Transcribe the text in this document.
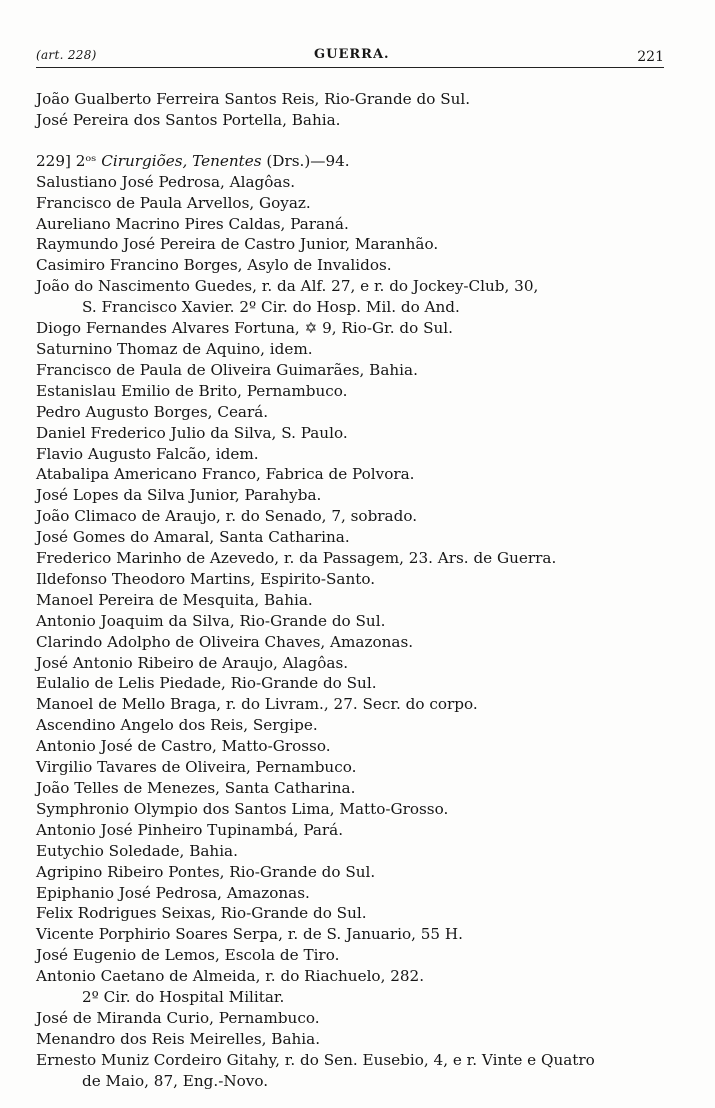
(art. 228)	GUERRA.	221
João Gualberto Ferreira Santos Reis, Rio-Grande do Sul.
José Pereira dos Santos Portella, Bahia.
229] 2ᵒˢ Cirurgiões, Tenentes (Drs.)—94.
Salustiano José Pedrosa, Alagôas.
Francisco de Paula Arvellos, Goyaz.
Aureliano Macrino Pires Caldas, Paraná.
Raymundo José Pereira de Castro Junior, Maranhão.
Casimiro Francino Borges, Asylo de Invalidos.
João do Nascimento Guedes, r. da Alf. 27, e r. do Jockey-Club, 30,
S. Francisco Xavier. 2º Cir. do Hosp. Mil. do And.
Diogo Fernandes Alvares Fortuna, ✡ 9, Rio-Gr. do Sul.
Saturnino Thomaz de Aquino, idem.
Francisco de Paula de Oliveira Guimarães, Bahia.
Estanislau Emilio de Brito, Pernambuco.
Pedro Augusto Borges, Ceará.
Daniel Frederico Julio da Silva, S. Paulo.
Flavio Augusto Falcão, idem.
Atabalipa Americano Franco, Fabrica de Polvora.
José Lopes da Silva Junior, Parahyba.
João Climaco de Araujo, r. do Senado, 7, sobrado.
José Gomes do Amaral, Santa Catharina.
Frederico Marinho de Azevedo, r. da Passagem, 23. Ars. de Guerra.
Ildefonso Theodoro Martins, Espirito-Santo.
Manoel Pereira de Mesquita, Bahia.
Antonio Joaquim da Silva, Rio-Grande do Sul.
Clarindo Adolpho de Oliveira Chaves, Amazonas.
José Antonio Ribeiro de Araujo, Alagôas.
Eulalio de Lelis Piedade, Rio-Grande do Sul.
Manoel de Mello Braga, r. do Livram., 27. Secr. do corpo.
Ascendino Angelo dos Reis, Sergipe.
Antonio José de Castro, Matto-Grosso.
Virgilio Tavares de Oliveira, Pernambuco.
João Telles de Menezes, Santa Catharina.
Symphronio Olympio dos Santos Lima, Matto-Grosso.
Antonio José Pinheiro Tupinambá, Pará.
Eutychio Soledade, Bahia.
Agripino Ribeiro Pontes, Rio-Grande do Sul.
Epiphanio José Pedrosa, Amazonas.
Felix Rodrigues Seixas, Rio-Grande do Sul.
Vicente Porphirio Soares Serpa, r. de S. Januario, 55 H.
José Eugenio de Lemos, Escola de Tiro.
Antonio Caetano de Almeida, r. do Riachuelo, 282.
2º Cir. do Hospital Militar.
José de Miranda Curio, Pernambuco.
Menandro dos Reis Meirelles, Bahia.
Ernesto Muniz Cordeiro Gitahy, r. do Sen. Eusebio, 4, e r. Vinte e Quatro
de Maio, 87, Eng.-Novo.
